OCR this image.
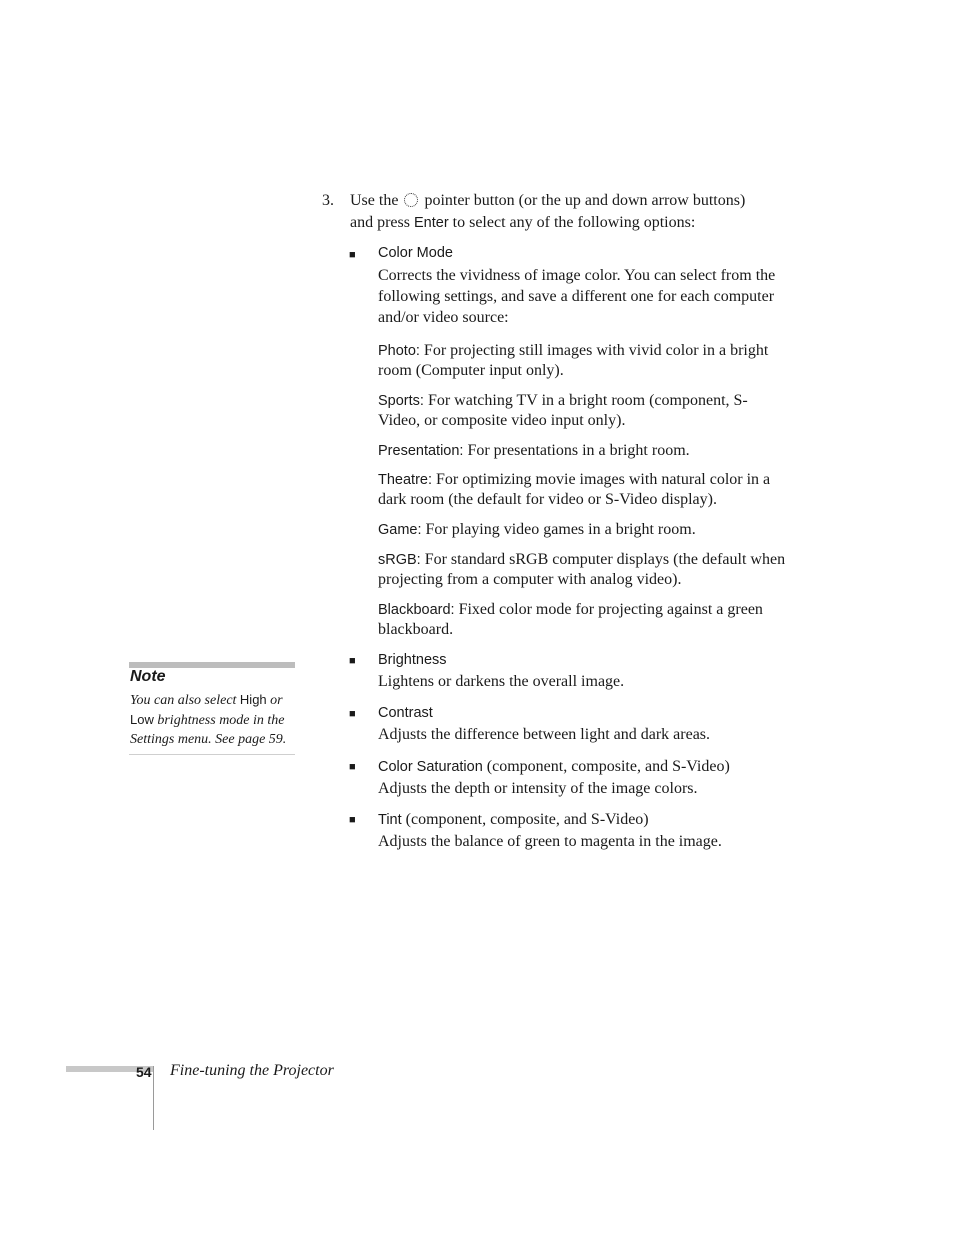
3. Use the pointer button (or the up and down arrow buttons)
and press Enter to select any of the following options:
■ Color Mode
Corrects the vividness of image color. You can select from the following settings, and save a different one for each computer and/or video source:
Photo: For projecting still images with vivid color in a bright room (Computer input only).
Sports: For watching TV in a bright room (component, S-Video, or composite video input only).
Presentation: For presentations in a bright room.
Theatre: For optimizing movie images with natural color in a dark room (the default for video or S-Video display).
Game: For playing video games in a bright room.
sRGB: For standard sRGB computer displays (the default when projecting from a computer with analog video).
Blackboard: Fixed color mode for projecting against a green blackboard.
■ Brightness
Lightens or darkens the overall image.
■ Contrast
Adjusts the difference between light and dark areas.
■ Color Saturation (component, composite, and S-Video)
Adjusts the depth or intensity of the image colors.
■ Tint (component, composite, and S-Video)
Adjusts the balance of green to magenta in the image.
Note
You can also select High or Low brightness mode in the Settings menu. See page 59.
54 Fine-tuning the Projector
